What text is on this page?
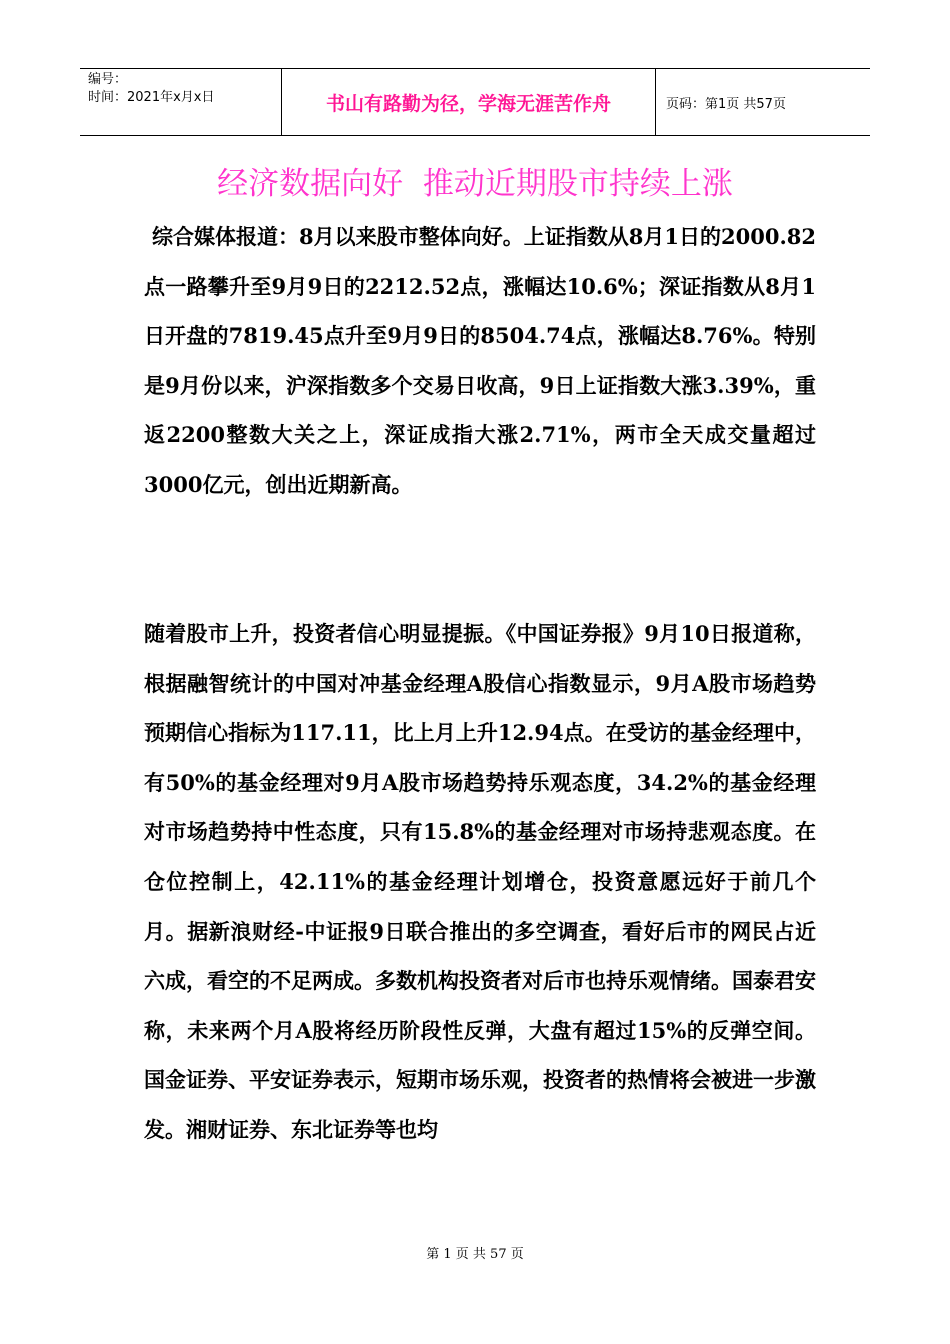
编号：
时间：2021年x月x日	书山有路勤为径，学海无涯苦作舟	页码：第1页 共57页
经济数据向好  推动近期股市持续上涨

综合媒体报道：8月以来股市整体向好。上证指数从8月1日的2000.82点一路攀升至9月9日的2212.52点，涨幅达10.6%；深证指数从8月1日开盘的7819.45点升至9月9日的8504.74点，涨幅达8.76%。特别是9月份以来，沪深指数多个交易日收高，9日上证指数大涨3.39%，重返2200整数大关之上，深证成指大涨2.71%，两市全天成交量超过3000亿元，创出近期新高。

随着股市上升，投资者信心明显提振。《中国证券报》9月10日报道称，根据融智统计的中国对冲基金经理A股信心指数显示，9月A股市场趋势预期信心指标为117.11，比上月上升12.94点。在受访的基金经理中，有50%的基金经理对9月A股市场趋势持乐观态度，34.2%的基金经理对市场趋势持中性态度，只有15.8%的基金经理对市场持悲观态度。在仓位控制上，42.11%的基金经理计划增仓，投资意愿远好于前几个月。据新浪财经-中证报9日联合推出的多空调查，看好后市的网民占近六成，看空的不足两成。多数机构投资者对后市也持乐观情绪。国泰君安称，未来两个月A股将经历阶段性反弹，大盘有超过15%的反弹空间。国金证券、平安证券表示，短期市场乐观，投资者的热情将会被进一步激发。湘财证券、东北证券等也均

第 1 页 共 57 页
